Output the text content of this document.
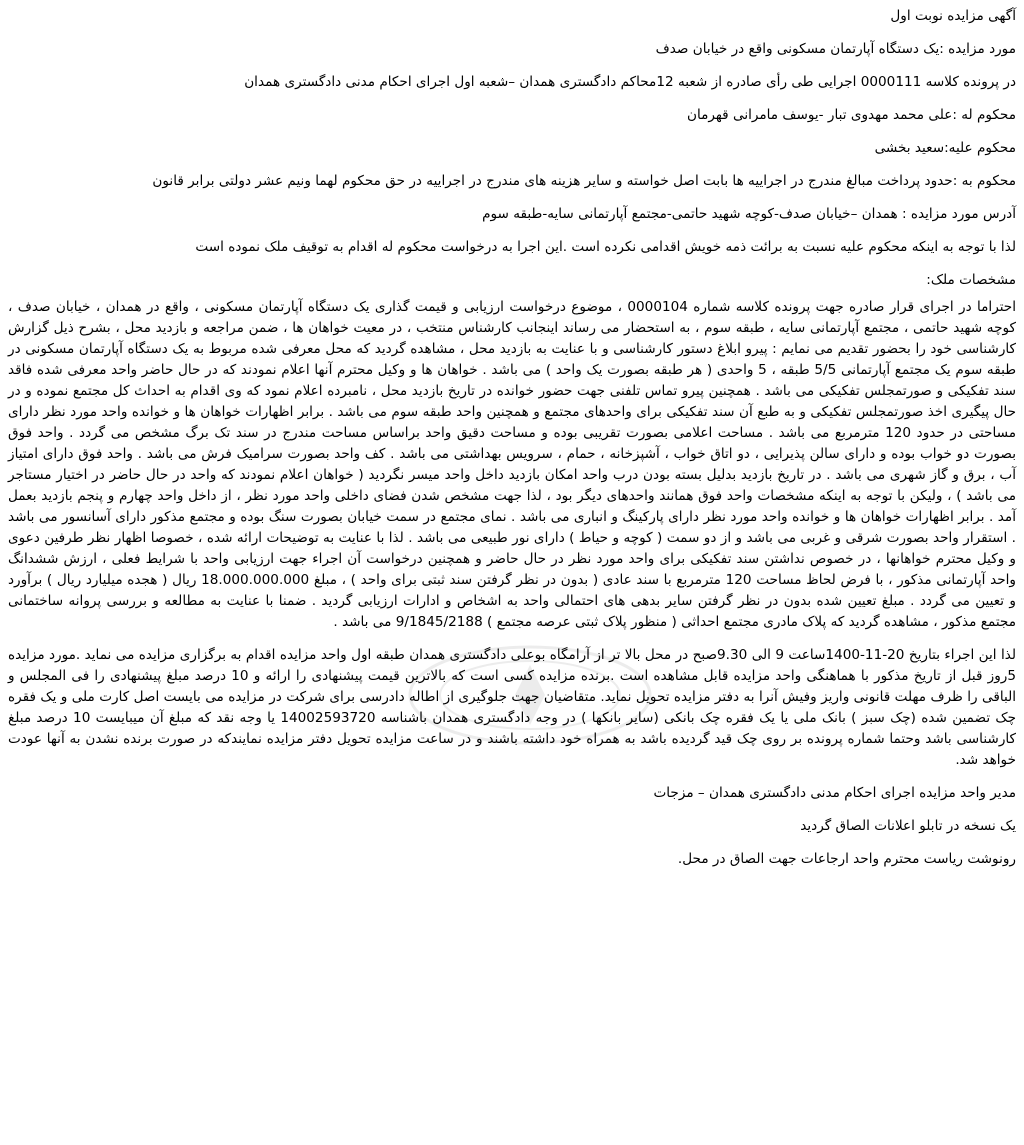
آگهی مزایده نوبت اول

مورد مزایده :یک دستگاه آپارتمان مسکونی واقع در خیابان صدف

در پرونده کلاسه 0000111 اجرایی طی رأی صادره از شعبه 12محاکم دادگستری همدان –شعبه اول اجرای احکام مدنی دادگستری همدان

محکوم له :علی محمد مهدوی تبار -یوسف مامرانی قهرمان

محکوم علیه:سعید بخشی

محکوم به :حدود پرداخت مبالغ مندرج در اجراییه ها بابت اصل خواسته و سایر هزینه های مندرج در اجراییه در حق محکوم لهما ونیم عشر دولتی برابر قانون

آدرس مورد مزایده : همدان –خیابان صدف-کوچه شهید حاتمی-مجتمع آپارتمانی سایه-طبقه سوم

لذا با توجه به اینکه محکوم علیه نسبت به برائت ذمه خویش اقدامی نکرده است .این اجرا به درخواست محکوم له اقدام به توقیف ملک نموده است

مشخصات ملک:

احتراما در اجرای قرار صادره جهت پرونده کلاسه شماره 0000104 ، موضوع درخواست ارزیابی و قیمت گذاری یک دستگاه آپارتمان مسکونی ، واقع در همدان ، خیابان صدف ، کوچه شهید حاتمی ، مجتمع آپارتمانی سایه ، طبقه سوم ، به استحضار می رساند اینجانب کارشناس منتخب ، در معیت خواهان ها ، ضمن مراجعه و بازدید محل ، بشرح ذیل گزارش کارشناسی خود را بحضور تقدیم می نمایم : پیرو ابلاغ دستور کارشناسی و با عنایت به بازدید محل ، مشاهده گردید که محل معرفی شده مربوط به یک دستگاه آپارتمان مسکونی در طبقه سوم یک مجتمع آپارتمانی 5/5 طبقه ، 5 واحدی ( هر طبقه بصورت یک واحد ) می باشد . خواهان ها و وکیل محترم آنها اعلام نمودند که در حال حاضر واحد معرفی شده فاقد سند تفکیکی و صورتمجلس تفکیکی می باشد . همچنین پیرو تماس تلفنی جهت حضور خوانده در تاریخ بازدید محل ، نامبرده اعلام نمود که وی اقدام به احداث کل مجتمع نموده و در حال پیگیری اخذ صورتمجلس تفکیکی و به طبع آن سند تفکیکی برای واحدهای مجتمع و همچنین واحد طبقه سوم می باشد . برابر اظهارات خواهان ها و خوانده واحد مورد نظر دارای مساحتی در حدود 120 مترمربع می باشد . مساحت اعلامی بصورت تقریبی بوده و مساحت دقیق واحد براساس مساحت مندرج در سند تک برگ مشخص می گردد . واحد فوق بصورت دو خواب بوده و دارای سالن پذیرایی ، دو اتاق خواب ، آشپزخانه ، حمام ، سرویس بهداشتی می باشد . کف واحد بصورت سرامیک فرش می باشد . واحد فوق دارای امتیاز آب ، برق و گاز شهری می باشد . در تاریخ بازدید بدلیل بسته بودن درب واحد امکان بازدید داخل واحد میسر نگردید ( خواهان اعلام نمودند که واحد در حال حاضر در اختیار مستاجر می باشد ) ، ولیکن با توجه به اینکه مشخصات واحد فوق همانند واحدهای دیگر بود ، لذا جهت مشخص شدن فضای داخلی واحد مورد نظر ، از داخل واحد چهارم و پنجم بازدید بعمل آمد . برابر اظهارات خواهان ها و خوانده واحد مورد نظر دارای پارکینگ و انباری می باشد . نمای مجتمع در سمت خیابان بصورت سنگ بوده و مجتمع مذکور دارای آسانسور می باشد . استقرار واحد بصورت شرقی و غربی می باشد و از دو سمت ( کوچه و حیاط ) دارای نور طبیعی می باشد . لذا با عنایت به توضیحات ارائه شده ، خصوصا اظهار نظر طرفین دعوی و وکیل محترم خواهانها ، در خصوص نداشتن سند تفکیکی برای واحد مورد نظر در حال حاضر و همچنین درخواست آن اجراء جهت ارزیابی واحد با شرایط فعلی ، ارزش ششدانگ واحد آپارتمانی مذکور ، با فرض لحاظ مساحت 120 مترمربع با سند عادی ( بدون در نظر گرفتن سند ثبتی برای واحد ) ، مبلغ 18.000.000.000 ریال ( هجده میلیارد ریال ) برآورد و تعیین می گردد . مبلغ تعیین شده بدون در نظر گرفتن سایر بدهی های احتمالی واحد به اشخاص و ادارات ارزیابی گردید . ضمنا با عنایت به مطالعه و بررسی پروانه ساختمانی مجتمع مذکور ، مشاهده گردید که پلاک مادری مجتمع احداثی ( منظور پلاک ثبتی عرصه مجتمع ) 9/1845/2188 می باشد .

لذا این اجراء بتاریخ 20-11-1400ساعت 9 الی 9.30صبح در محل بالا تر از آرامگاه بوعلی دادگستری همدان طبقه اول واحد مزایده اقدام به برگزاری مزایده می نماید .مورد مزایده 5روز قبل از تاریخ مذکور با هماهنگی واحد مزایده قابل مشاهده است .برنده مزایده کسی است که بالاترین قیمت پیشنهادی را ارائه و 10 درصد مبلغ پیشنهادی را فی المجلس و الباقی را ظرف مهلت قانونی واریز وفیش آنرا به دفتر مزایده تحویل نماید. متقاضیان جهت جلوگیری از اطاله دادرسی برای شرکت در مزایده می بایست اصل کارت ملی و یک فقره چک تضمین شده (چک سبز ) بانک ملی یا یک فقره چک بانکی (سایر بانکها ) در وجه دادگستری همدان باشناسه 14002593720 یا وجه نقد که مبلغ آن میبایست 10 درصد مبلغ کارشناسی باشد وحتما شماره پرونده بر روی چک قید گردیده باشد به همراه خود داشته باشند و در ساعت مزایده تحویل دفتر مزایده نمایندکه در صورت برنده نشدن به آنها عودت خواهد شد.

مدیر واحد مزایده اجرای احکام مدنی دادگستری همدان – مزجات

یک نسخه در تابلو اعلانات الصاق گردید

رونوشت ریاست محترم واحد ارجاعات جهت الصاق در محل.
